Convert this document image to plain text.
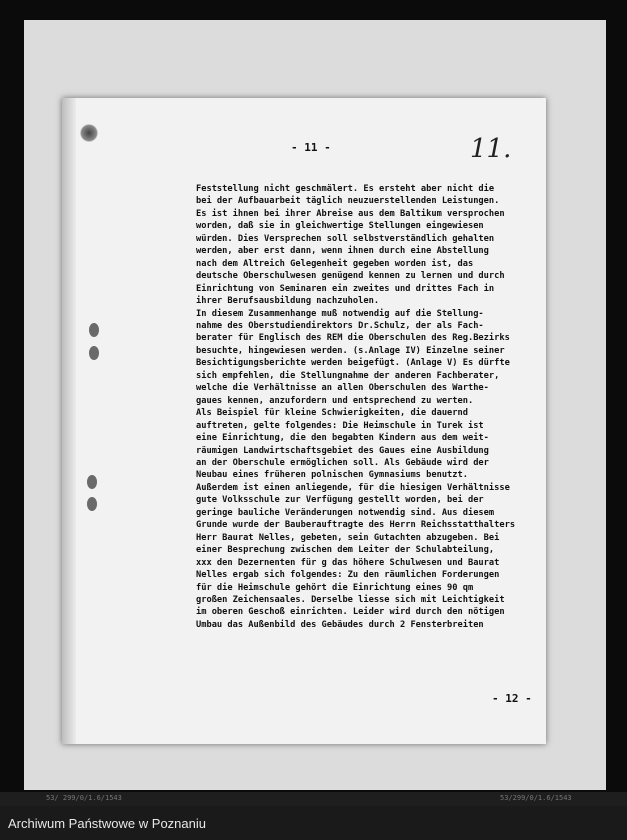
- 11 -	11.
Feststellung nicht geschmälert. Es ersteht aber nicht die
bei der Aufbauarbeit täglich neuzuerstellenden Leistungen.
Es ist ihnen bei ihrer Abreise aus dem Baltikum versprochen
worden, daß sie in gleichwertige Stellungen eingewiesen
würden. Dies Versprechen soll selbstverständlich gehalten
werden, aber erst dann, wenn ihnen durch eine Abstellung
nach dem Altreich Gelegenheit gegeben worden ist, das
deutsche Oberschulwesen genügend kennen zu lernen und durch
Einrichtung von Seminaren ein zweites und drittes Fach in
ihrer Berufsausbildung nachzuholen.
In diesem Zusammenhange muß notwendig auf die Stellung-
nahme des Oberstudiendirektors Dr.Schulz, der als Fach-
berater für Englisch des REM die Oberschulen des Reg.Bezirks
besuchte, hingewiesen werden. (s.Anlage IV) Einzelne seiner
Besichtigungsberichte werden beigefügt. (Anlage V) Es dürfte
sich empfehlen, die Stellungnahme der anderen Fachberater,
welche die Verhältnisse an allen Oberschulen des Warthe-
gaues kennen, anzufordern und entsprechend zu werten.
Als Beispiel für kleine Schwierigkeiten, die dauernd
auftreten, gelte folgendes: Die Heimschule in Turek ist
eine Einrichtung, die den begabten Kindern aus dem weit-
räumigen Landwirtschaftsgebiet des Gaues eine Ausbildung
an der Oberschule ermöglichen soll. Als Gebäude wird der
Neubau eines früheren polnischen Gymnasiums benutzt.
Außerdem ist einen anliegende, für die hiesigen Verhältnisse
gute Volksschule zur Verfügung gestellt worden, bei der
geringe bauliche Veränderungen notwendig sind. Aus diesem
Grunde wurde der Bauberauftragte des Herrn Reichsstatthalters
Herr Baurat Nelles, gebeten, sein Gutachten abzugeben. Bei
einer Besprechung zwischen dem Leiter der Schulabteilung,
xxx den Dezernenten für g das höhere Schulwesen und Baurat
Nelles ergab sich folgendes: Zu den räumlichen Forderungen
für die Heimschule gehört die Einrichtung eines 90 qm
großen Zeichensaales. Derselbe liesse sich mit Leichtigkeit
im oberen Geschoß einrichten. Leider wird durch den nötigen
Umbau das Außenbild des Gebäudes durch 2 Fensterbreiten
- 12 -
53/ 299/0/1.6/1543	53/299/0/1.6/1543
Archiwum Państwowe w Poznaniu
